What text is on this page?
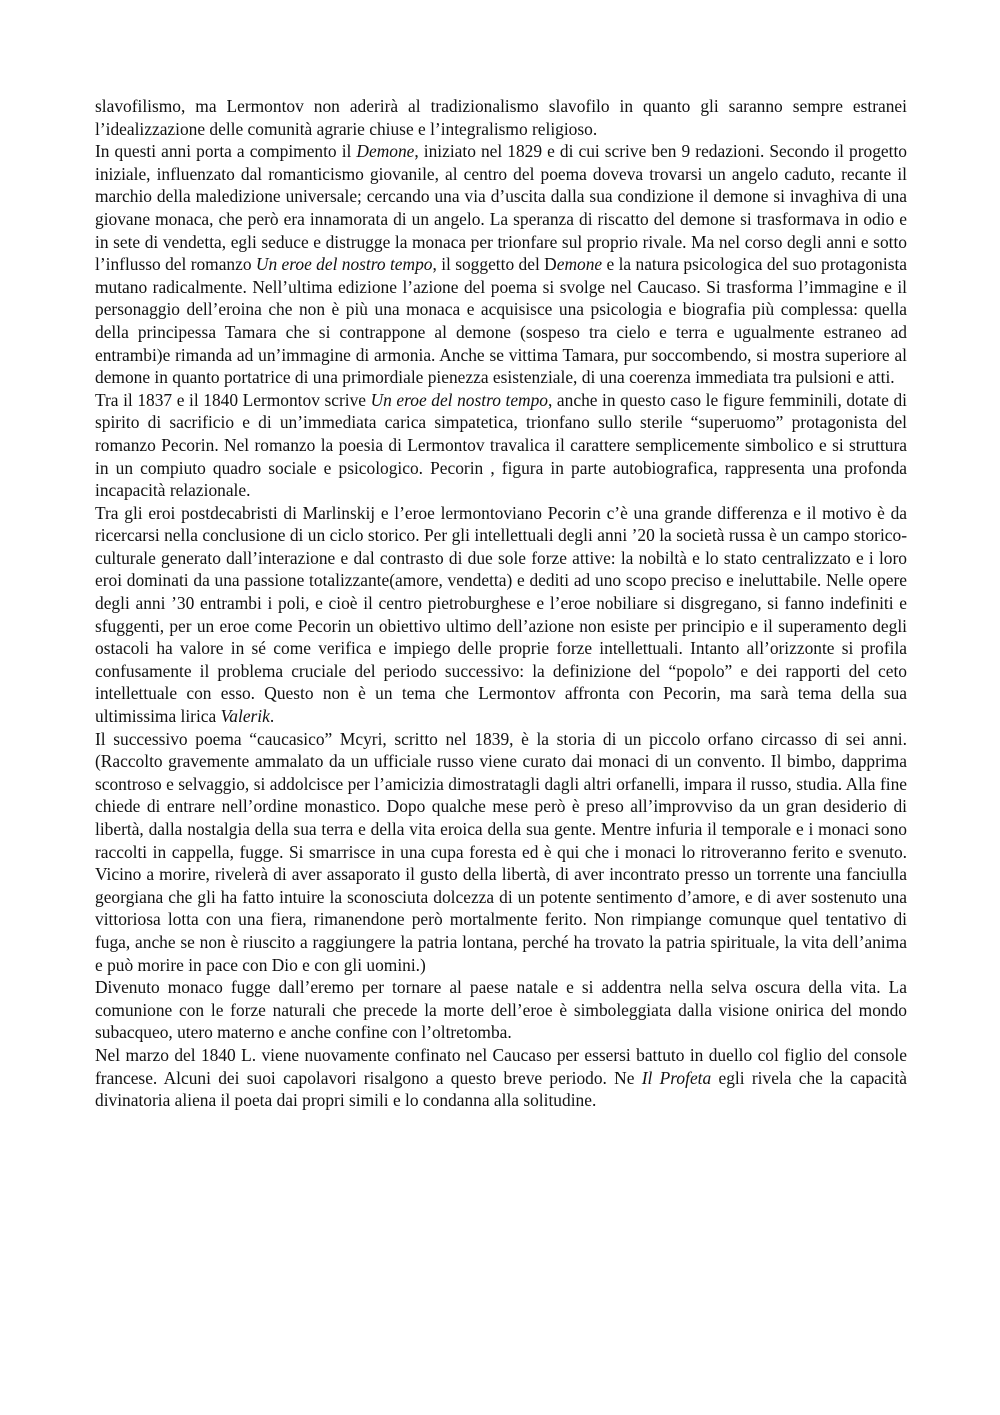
slavofilismo, ma Lermontov non aderirà al tradizionalismo slavofilo in quanto gli saranno sempre estranei l’idealizzazione delle comunità agrarie chiuse e l’integralismo religioso.

In questi anni porta a compimento il Demone, iniziato nel 1829 e di cui scrive ben 9 redazioni. Secondo il progetto iniziale, influenzato dal romanticismo giovanile, al centro del poema doveva trovarsi un angelo caduto, recante il marchio della maledizione universale; cercando una via d’uscita dalla sua condizione il demone si invaghiva di una giovane monaca, che però era innamorata di un angelo. La speranza di riscatto del demone si trasformava in odio e in sete di vendetta, egli seduce e distrugge la monaca per trionfare sul proprio rivale. Ma nel corso degli anni e sotto l’influsso del romanzo Un eroe del nostro tempo, il soggetto del Demone e la natura psicologica del suo protagonista mutano radicalmente. Nell’ultima edizione l’azione del poema si svolge nel Caucaso. Si trasforma l’immagine e il personaggio dell’eroina che non è più una monaca e acquisisce una psicologia e biografia più complessa: quella della principessa Tamara che si contrappone al demone (sospeso tra cielo e terra e ugualmente estraneo ad entrambi)e rimanda ad un’immagine di armonia. Anche se vittima Tamara, pur soccombendo, si mostra superiore al demone in quanto portatrice di una primordiale pienezza esistenziale, di una coerenza immediata tra pulsioni e atti.

Tra il 1837 e il 1840 Lermontov scrive Un eroe del nostro tempo, anche in questo caso le figure femminili, dotate di spirito di sacrificio e di un’immediata carica simpatetica, trionfano sullo sterile “superuomo” protagonista del romanzo Pecorin. Nel romanzo la poesia di Lermontov travalica il carattere semplicemente simbolico e si struttura in un compiuto quadro sociale e psicologico. Pecorin , figura in parte autobiografica, rappresenta una profonda incapacità relazionale.

Tra gli eroi postdecabristi di Marlinskij e l’eroe lermontoviano Pecorin c’è una grande differenza e il motivo è da ricercarsi nella conclusione di un ciclo storico. Per gli intellettuali degli anni ’20 la società russa è un campo storico-culturale generato dall’interazione e dal contrasto di due sole forze attive: la nobiltà e lo stato centralizzato e i loro eroi dominati da una passione totalizzante(amore, vendetta) e dediti ad uno scopo preciso e ineluttabile. Nelle opere degli anni ’30 entrambi i poli, e cioè il centro pietroburghese e l’eroe nobiliare si disgregano, si fanno indefiniti e sfuggenti, per un eroe come Pecorin un obiettivo ultimo dell’azione non esiste per principio e il superamento degli ostacoli ha valore in sé come verifica e impiego delle proprie forze intellettuali. Intanto all’orizzonte si profila confusamente il problema cruciale del periodo successivo: la definizione del “popolo” e dei rapporti del ceto intellettuale con esso. Questo non è un tema che Lermontov affronta con Pecorin, ma sarà tema della sua ultimissima lirica Valerik.

Il successivo poema “caucasico” Mcyri, scritto nel 1839, è la storia di un piccolo orfano circasso di sei anni. (Raccolto gravemente ammalato da un ufficiale russo viene curato dai monaci di un convento. Il bimbo, dapprima scontroso e selvaggio, si addolcisce per l’amicizia dimostratagli dagli altri orfanelli, impara il russo, studia. Alla fine chiede di entrare nell’ordine monastico. Dopo qualche mese però è preso all’improvviso da un gran desiderio di libertà, dalla nostalgia della sua terra e della vita eroica della sua gente. Mentre infuria il temporale e i monaci sono raccolti in cappella, fugge. Si smarrisce in una cupa foresta ed è qui che i monaci lo ritroveranno ferito e svenuto. Vicino a morire, rivelerà di aver assaporato il gusto della libertà, di aver incontrato presso un torrente una fanciulla georgiana che gli ha fatto intuire la sconosciuta dolcezza di un potente sentimento d’amore, e di aver sostenuto una vittoriosa lotta con una fiera, rimanendone però mortalmente ferito. Non rimpiange comunque quel tentativo di fuga, anche se non è riuscito a raggiungere la patria lontana, perché ha trovato la patria spirituale, la vita dell’anima e può morire in pace con Dio e con gli uomini.)

Divenuto monaco fugge dall’eremo per tornare al paese natale e si addentra nella selva oscura della vita. La comunione con le forze naturali che precede la morte dell’eroe è simboleggiata dalla visione onirica del mondo subacqueo, utero materno e anche confine con l’oltretomba.

Nel marzo del 1840 L. viene nuovamente confinato nel Caucaso per essersi battuto in duello col figlio del console francese. Alcuni dei suoi capolavori risalgono a questo breve periodo. Ne Il Profeta egli rivela che la capacità divinatoria aliena il poeta dai propri simili e lo condanna alla solitudine.
